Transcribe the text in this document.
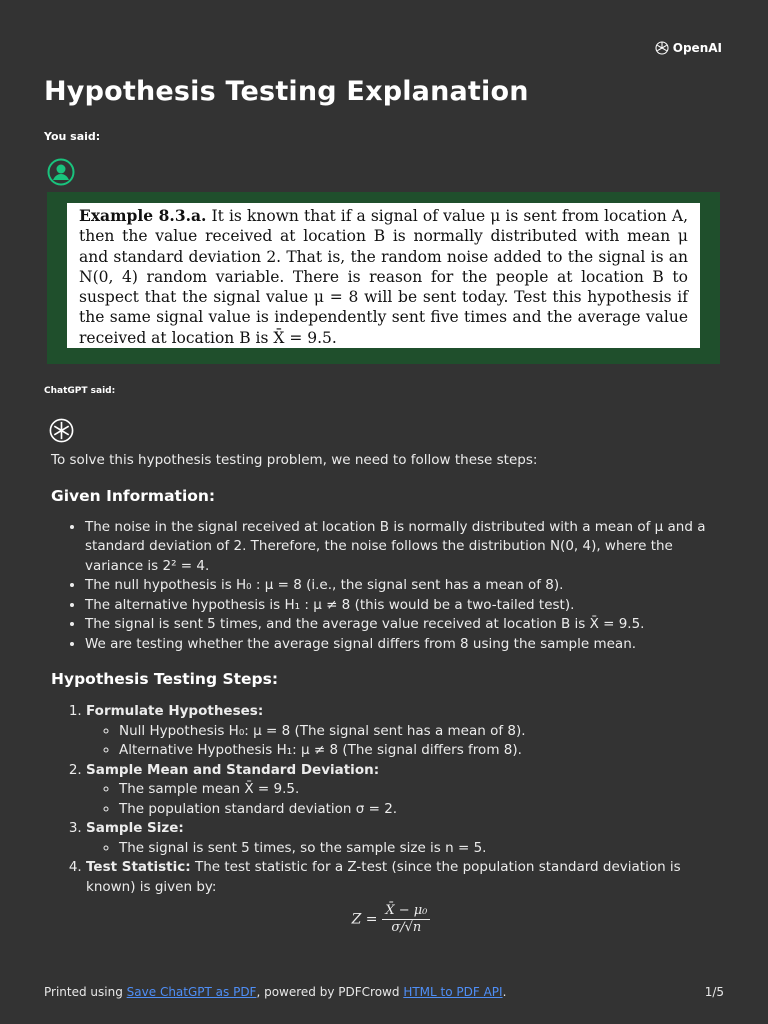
OpenAI
Hypothesis Testing Explanation
You said:
Example 8.3.a. It is known that if a signal of value μ is sent from location A, then the value received at location B is normally distributed with mean μ and standard deviation 2. That is, the random noise added to the signal is an N(0, 4) random variable. There is reason for the people at location B to suspect that the signal value μ = 8 will be sent today. Test this hypothesis if the same signal value is independently sent five times and the average value received at location B is X̄ = 9.5.
ChatGPT said:

To solve this hypothesis testing problem, we need to follow these steps:

Given Information:
• The noise in the signal received at location B is normally distributed with a mean of μ and a standard deviation of 2. Therefore, the noise follows the distribution N(0, 4), where the variance is 2² = 4.
• The null hypothesis is H₀ : μ = 8 (i.e., the signal sent has a mean of 8).
• The alternative hypothesis is H₁ : μ ≠ 8 (this would be a two-tailed test).
• The signal is sent 5 times, and the average value received at location B is X̄ = 9.5.
• We are testing whether the average signal differs from 8 using the sample mean.
Hypothesis Testing Steps:
1. Formulate Hypotheses:
◦ Null Hypothesis H₀: μ = 8 (The signal sent has a mean of 8).
◦ Alternative Hypothesis H₁: μ ≠ 8 (The signal differs from 8).
2. Sample Mean and Standard Deviation:
◦ The sample mean X̄ = 9.5.
◦ The population standard deviation σ = 2.
3. Sample Size:
◦ The signal is sent 5 times, so the sample size is n = 5.
4. Test Statistic: The test statistic for a Z-test (since the population standard deviation is known) is given by:
$Z = \frac{\text{X̄ − μ₀}}{\sigma/√n}$
Printed using Save ChatGPT as PDF, powered by PDFCrowd HTML to PDF API.	1/5
